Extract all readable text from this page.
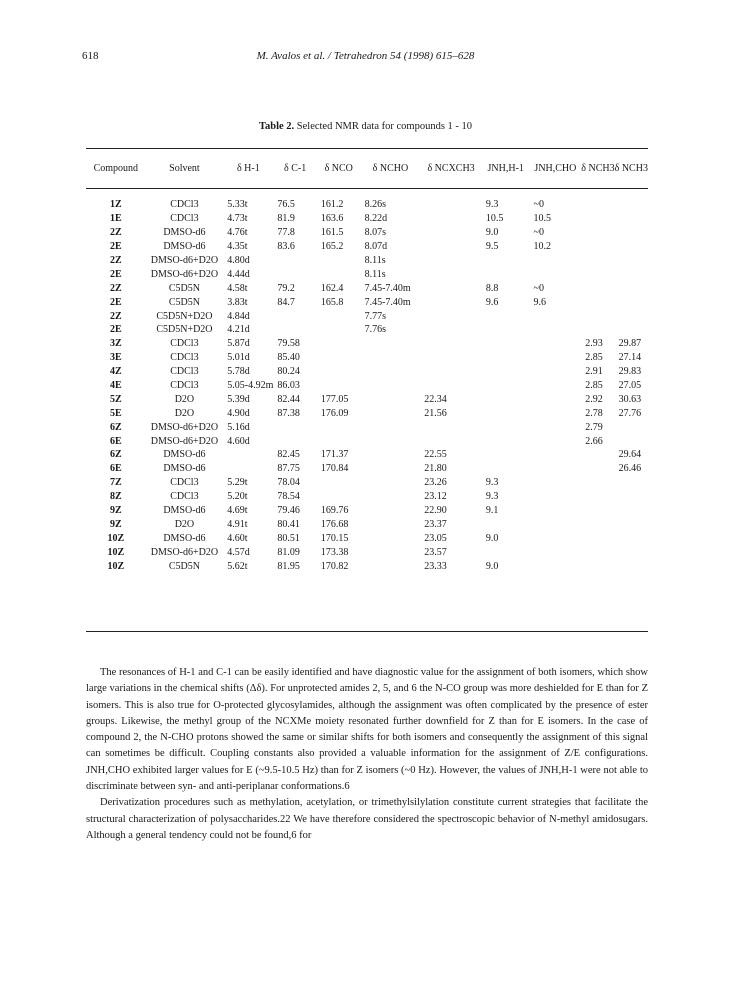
618	M. Avalos et al. / Tetrahedron 54 (1998) 615–628
Table 2. Selected NMR data for compounds 1 - 10
Compound	Solvent	δ H-1	δ C-1	δ NCO	δ NCHO	δ NCXCH3	JNH,H-1	JNH,CHO	δ NCH3	δ NCH3
1Z	CDCl3	5.33t	76.5	161.2	8.26s		9.3	~0		
1E	CDCl3	4.73t	81.9	163.6	8.22d		10.5	10.5		
2Z	DMSO-d6	4.76t	77.8	161.5	8.07s		9.0	~0		
2E	DMSO-d6	4.35t	83.6	165.2	8.07d		9.5	10.2		
2Z	DMSO-d6+D2O	4.80d			8.11s					
2E	DMSO-d6+D2O	4.44d			8.11s					
2Z	C5D5N	4.58t	79.2	162.4	7.45-7.40m		8.8	~0		
2E	C5D5N	3.83t	84.7	165.8	7.45-7.40m		9.6	9.6		
2Z	C5D5N+D2O	4.84d			7.77s					
2E	C5D5N+D2O	4.21d			7.76s					
3Z	CDCl3	5.87d	79.58						2.93	29.87
3E	CDCl3	5.01d	85.40						2.85	27.14
4Z	CDCl3	5.78d	80.24						2.91	29.83
4E	CDCl3	5.05-4.92m	86.03						2.85	27.05
5Z	D2O	5.39d	82.44	177.05		22.34			2.92	30.63
5E	D2O	4.90d	87.38	176.09		21.56			2.78	27.76
6Z	DMSO-d6+D2O	5.16d							2.79	
6E	DMSO-d6+D2O	4.60d							2.66	
6Z	DMSO-d6		82.45	171.37		22.55				29.64
6E	DMSO-d6		87.75	170.84		21.80				26.46
7Z	CDCl3	5.29t	78.04			23.26	9.3			
8Z	CDCl3	5.20t	78.54			23.12	9.3			
9Z	DMSO-d6	4.69t	79.46	169.76		22.90	9.1			
9Z	D2O	4.91t	80.41	176.68		23.37				
10Z	DMSO-d6	4.60t	80.51	170.15		23.05	9.0			
10Z	DMSO-d6+D2O	4.57d	81.09	173.38		23.57				
10Z	C5D5N	5.62t	81.95	170.82		23.33	9.0			

The resonances of H-1 and C-1 can be easily identified and have diagnostic value for the assignment of both isomers, which show large variations in the chemical shifts (Δδ). For unprotected amides 2, 5, and 6 the N-CO group was more deshielded for E than for Z isomers. This is also true for O-protected glycosylamides, although the assignment was often complicated by the presence of ester groups. Likewise, the methyl group of the NCXMe moiety resonated further downfield for Z than for E isomers. In the case of compound 2, the N-CHO protons showed the same or similar shifts for both isomers and consequently the assignment of this signal can sometimes be difficult. Coupling constants also provided a valuable information for the assignment of Z/E configurations. JNH,CHO exhibited larger values for E (~9.5-10.5 Hz) than for Z isomers (~0 Hz). However, the values of JNH,H-1 were not able to discriminate between syn- and anti-periplanar conformations.6

Derivatization procedures such as methylation, acetylation, or trimethylsilylation constitute current strategies that facilitate the structural characterization of polysaccharides.22 We have therefore considered the spectroscopic behavior of N-methyl amidosugars. Although a general tendency could not be found,6 for
